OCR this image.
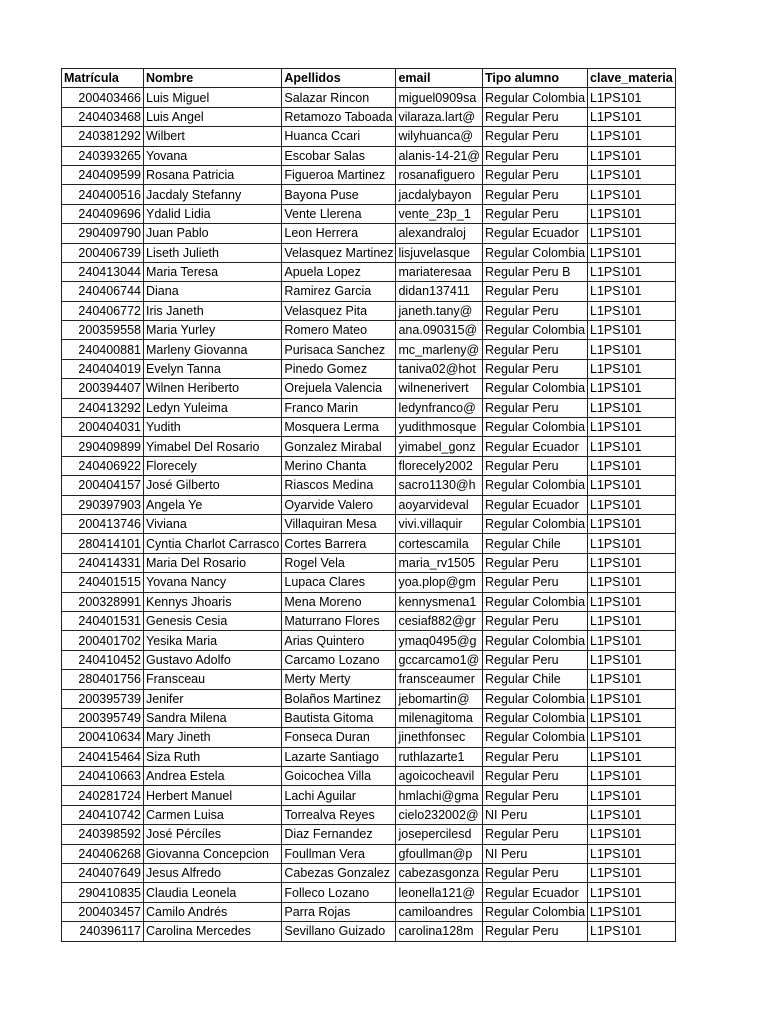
Matrícula	Nombre	Apellidos	email	Tipo alumno	clave_materia
200403466	Luis Miguel	Salazar Rincon	miguel0909sa	Regular Colombia	L1PS101
240403468	Luis Angel	Retamozo Taboada	vilaraza.lart@	Regular Peru	L1PS101
240381292	Wilbert	Huanca Ccari	wilyhuanca@	Regular Peru	L1PS101
240393265	Yovana	Escobar Salas	alanis-14-21@	Regular Peru	L1PS101
240409599	Rosana Patricia	Figueroa Martinez	rosanafiguero	Regular Peru	L1PS101
240400516	Jacdaly Stefanny	Bayona Puse	jacdalybayon	Regular Peru	L1PS101
240409696	Ydalid Lidia	Vente Llerena	vente_23p_1	Regular Peru	L1PS101
290409790	Juan Pablo	Leon Herrera	alexandraloj	Regular Ecuador	L1PS101
200406739	Liseth Julieth	Velasquez Martinez	lisjuvelasque	Regular Colombia	L1PS101
240413044	Maria Teresa	Apuela Lopez	mariateresaa	Regular Peru B	L1PS101
240406744	Diana	Ramirez Garcia	didan137411	Regular Peru	L1PS101
240406772	Iris Janeth	Velasquez Pita	janeth.tany@	Regular Peru	L1PS101
200359558	Maria Yurley	Romero Mateo	ana.090315@	Regular Colombia	L1PS101
240400881	Marleny Giovanna	Purisaca Sanchez	mc_marleny@	Regular Peru	L1PS101
240404019	Evelyn Tanna	Pinedo Gomez	taniva02@hot	Regular Peru	L1PS101
200394407	Wilnen Heriberto	Orejuela Valencia	wilnenerivert	Regular Colombia	L1PS101
240413292	Ledyn Yuleima	Franco Marin	ledynfranco@	Regular Peru	L1PS101
200404031	Yudith	Mosquera Lerma	yudithmosque	Regular Colombia	L1PS101
290409899	Yimabel Del Rosario	Gonzalez Mirabal	yimabel_gonz	Regular Ecuador	L1PS101
240406922	Florecely	Merino Chanta	florecely2002	Regular Peru	L1PS101
200404157	José Gilberto	Riascos Medina	sacro1130@h	Regular Colombia	L1PS101
290397903	Angela Ye	Oyarvide Valero	aoyarvideval	Regular Ecuador	L1PS101
200413746	Viviana	Villaquiran Mesa	vivi.villaquir	Regular Colombia	L1PS101
280414101	Cyntia Charlot Carrasco	Cortes Barrera	cortescamila	Regular Chile	L1PS101
240414331	Maria Del Rosario	Rogel Vela	maria_rv1505	Regular Peru	L1PS101
240401515	Yovana Nancy	Lupaca Clares	yoa.plop@gm	Regular Peru	L1PS101
200328991	Kennys Jhoaris	Mena Moreno	kennysmena1	Regular Colombia	L1PS101
240401531	Genesis Cesia	Maturrano Flores	cesiaf882@gr	Regular Peru	L1PS101
200401702	Yesika Maria	Arias Quintero	ymaq0495@g	Regular Colombia	L1PS101
240410452	Gustavo Adolfo	Carcamo Lozano	gccarcamo1@	Regular Peru	L1PS101
280401756	Fransceau	Merty Merty	fransceaumer	Regular Chile	L1PS101
200395739	Jenifer	Bolaños Martinez	jebomartin@	Regular Colombia	L1PS101
200395749	Sandra Milena	Bautista Gitoma	milenagitoma	Regular Colombia	L1PS101
200410634	Mary Jineth	Fonseca Duran	jinethfonsec	Regular Colombia	L1PS101
240415464	Siza Ruth	Lazarte Santiago	ruthlazarte1	Regular Peru	L1PS101
240410663	Andrea Estela	Goicochea Villa	agoicocheavil	Regular Peru	L1PS101
240281724	Herbert Manuel	Lachi Aguilar	hmlachi@gma	Regular Peru	L1PS101
240410742	Carmen Luisa	Torrealva Reyes	cielo232002@	NI Peru	L1PS101
240398592	José Pércíles	Diaz Fernandez	josepercilesd	Regular Peru	L1PS101
240406268	Giovanna Concepcion	Foullman Vera	gfoullman@p	NI Peru	L1PS101
240407649	Jesus Alfredo	Cabezas Gonzalez	cabezasgonza	Regular Peru	L1PS101
290410835	Claudia Leonela	Folleco Lozano	leonella121@	Regular Ecuador	L1PS101
200403457	Camilo Andrés	Parra Rojas	camiloandres	Regular Colombia	L1PS101
240396117	Carolina Mercedes	Sevillano Guizado	carolina128m	Regular Peru	L1PS101
